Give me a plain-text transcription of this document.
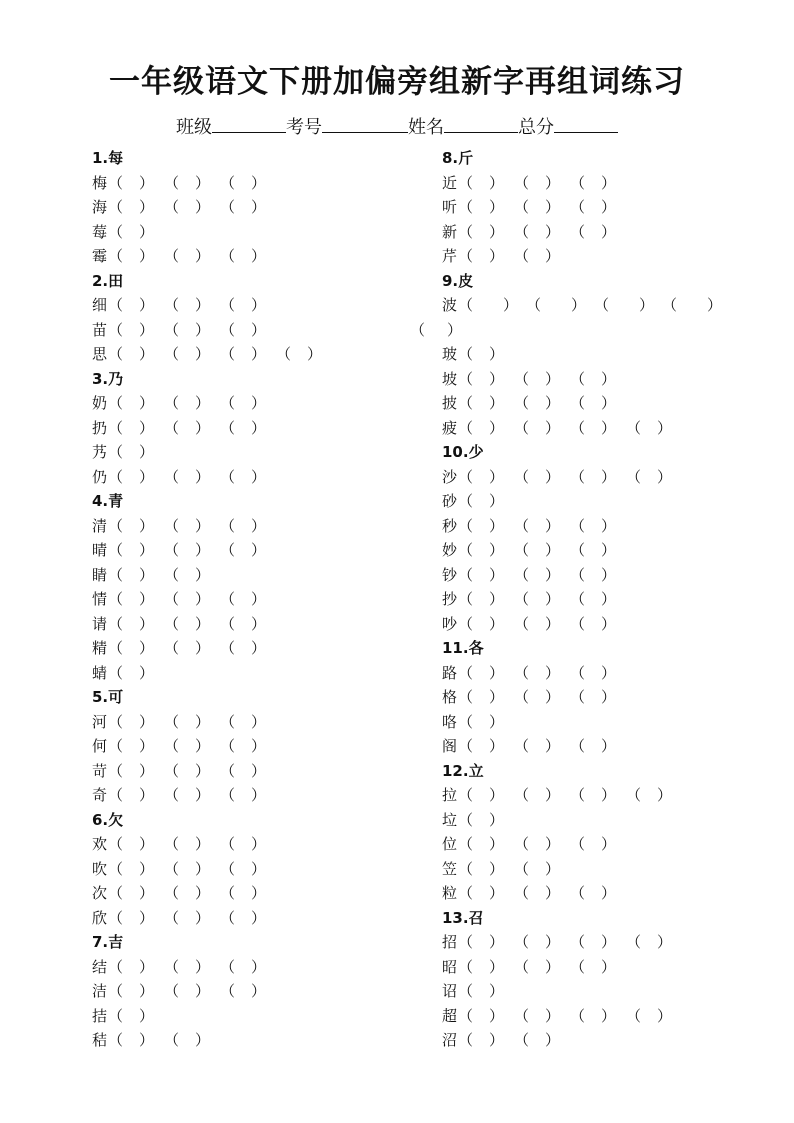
一年级语文下册加偏旁组新字再组词练习
班级	考号	姓名	总分
1.每
梅 （ ） （ ） （ ）
海 （ ） （ ） （ ）
莓 （ ）
霉 （ ） （ ） （ ）
2.田
细 （ ） （ ） （ ）
苗 （ ） （ ） （ ）
思 （ ） （ ） （ ） （ ）
3.乃
奶 （ ） （ ） （ ）
扔 （ ） （ ） （ ）
艿 （ ）
仍 （ ） （ ） （ ）
4.青
清 （ ） （ ） （ ）
晴 （ ） （ ） （ ）
睛 （ ） （ ）
情 （ ） （ ） （ ）
请 （ ） （ ） （ ）
精 （ ） （ ） （ ）
蜻 （ ）
5.可
河 （ ） （ ） （ ）
何 （ ） （ ） （ ）
苛 （ ） （ ） （ ）
奇 （ ） （ ） （ ）
6.欠
欢 （ ） （ ） （ ）
吹 （ ） （ ） （ ）
次 （ ） （ ） （ ）
欣 （ ） （ ） （ ）
7.吉
结 （ ） （ ） （ ）
洁 （ ） （ ） （ ）
拮 （ ）
秸 （ ） （ ）
8.斤
近 （ ） （ ） （ ）
听 （ ） （ ） （ ）
新 （ ） （ ） （ ）
芹 （ ） （ ）
9.皮
波 （ ） （ ） （ ） （ ）
（ ）
玻 （ ）
坡 （ ） （ ） （ ）
披 （ ） （ ） （ ）
疲 （ ） （ ） （ ） （ ）
10.少
沙 （ ） （ ） （ ） （ ）
砂 （ ）
秒 （ ） （ ） （ ）
妙 （ ） （ ） （ ）
钞 （ ） （ ） （ ）
抄 （ ） （ ） （ ）
吵 （ ） （ ） （ ）
11.各
路 （ ） （ ） （ ）
格 （ ） （ ） （ ）
咯 （ ）
阁 （ ） （ ） （ ）
12.立
拉 （ ） （ ） （ ） （ ）
垃 （ ）
位 （ ） （ ） （ ）
笠 （ ） （ ）
粒 （ ） （ ） （ ）
13.召
招 （ ） （ ） （ ） （ ）
昭 （ ） （ ） （ ）
诏 （ ）
超 （ ） （ ） （ ） （ ）
沼 （ ） （ ）
